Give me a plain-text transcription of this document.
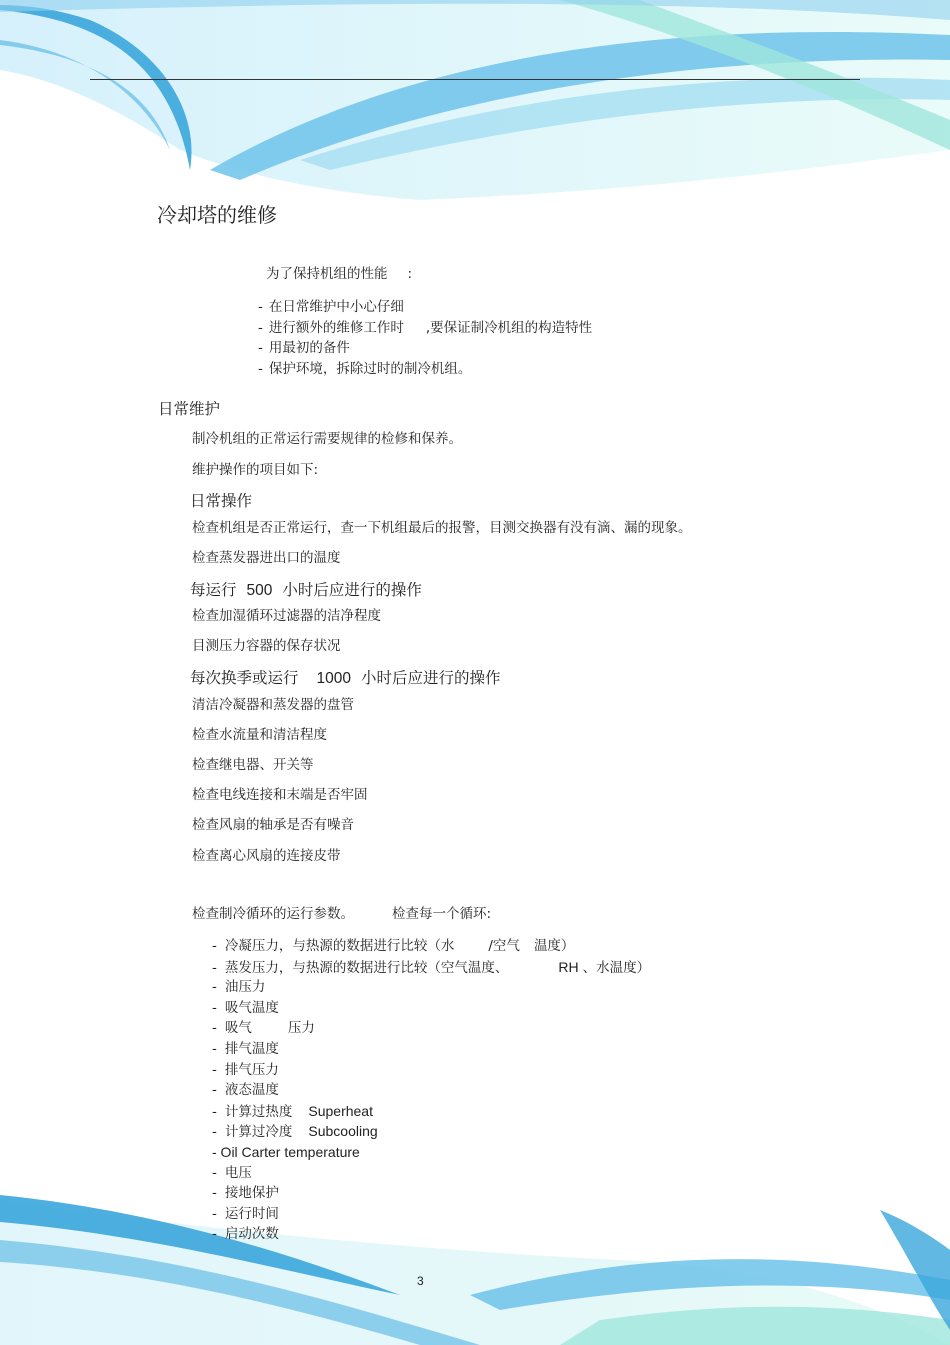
冷却塔的维修
为了保持机组的性能 :
- 在日常维护中小心仔细
- 进行额外的维修工作时 ,要保证制冷机组的构造特性
- 用最初的备件
- 保护环境，拆除过时的制冷机组。
日常维护
制冷机组的正常运行需要规律的检修和保养。
维护操作的项目如下:
日常操作
检查机组是否正常运行，查一下机组最后的报警，目测交换器有没有滴、漏的现象。
检查蒸发器进出口的温度
每运行 500 小时后应进行的操作
检查加湿循环过滤器的洁净程度
目测压力容器的保存状况
每次换季或运行 1000 小时后应进行的操作
清洁冷凝器和蒸发器的盘管
检查水流量和清洁程度
检查继电器、开关等
检查电线连接和末端是否牢固
检查风扇的轴承是否有噪音
检查离心风扇的连接皮带
检查制冷循环的运行参数。	检查每一个循环:
- 冷凝压力，与热源的数据进行比较（水	/空气 温度）
- 蒸发压力，与热源的数据进行比较（空气温度、	RH 、水温度）
- 油压力
- 吸气温度
- 吸气	压力
- 排气温度
- 排气压力
- 液态温度
- 计算过热度 Superheat
- 计算过冷度 Subcooling
- Oil Carter temperature
- 电压
- 接地保护
- 运行时间
- 启动次数
3
